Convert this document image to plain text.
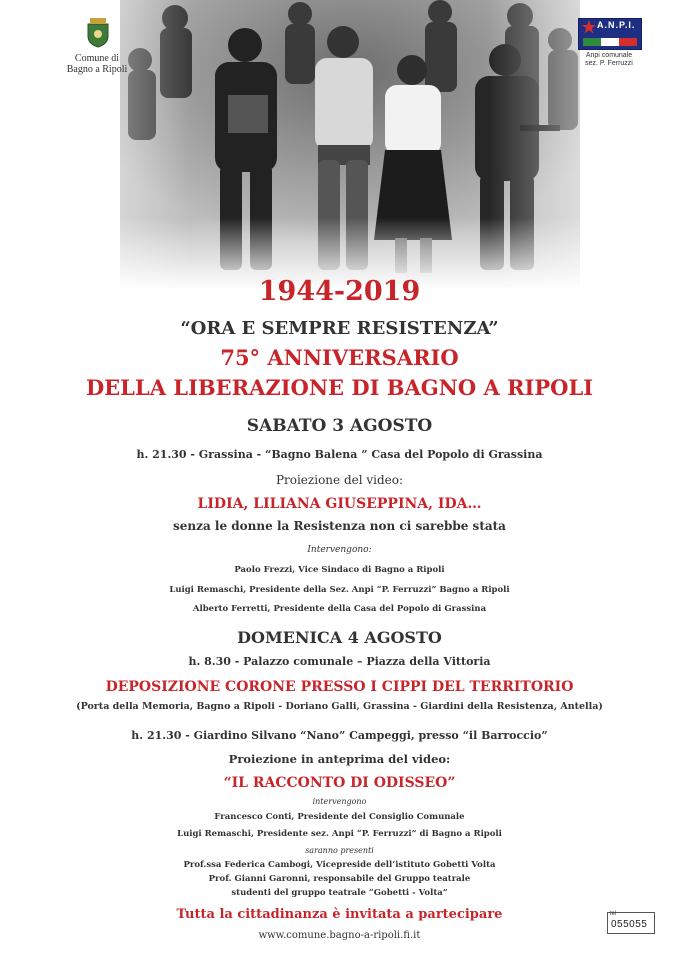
Comune di
Bagno a Ripoli
A.N.P.I.
Anpi comunale
sez. P. Ferruzzi
1944-2019
“ORA E SEMPRE RESISTENZA”
75° ANNIVERSARIO
DELLA LIBERAZIONE DI BAGNO A RIPOLI
SABATO 3 AGOSTO
h. 21.30 - Grassina - “Bagno Balena ” Casa del Popolo di Grassina
Proiezione del video:
LIDIA, LILIANA GIUSEPPINA, IDA…
senza le donne la Resistenza non ci sarebbe stata
Intervengono:
Paolo Frezzi, Vice Sindaco di Bagno a Ripoli
Luigi Remaschi, Presidente della Sez. Anpi “P. Ferruzzi” Bagno a Ripoli
Alberto Ferretti, Presidente della Casa del Popolo di Grassina
DOMENICA 4 AGOSTO
h. 8.30 - Palazzo comunale – Piazza della Vittoria
DEPOSIZIONE CORONE PRESSO I CIPPI DEL TERRITORIO
(Porta della Memoria, Bagno a Ripoli - Doriano Galli, Grassina - Giardini della Resistenza, Antella)
h. 21.30 - Giardino Silvano “Nano” Campeggi, presso “il Barroccio”
Proiezione in anteprima del video:
“IL RACCONTO DI ODISSEO”
intervengono
Francesco Conti, Presidente del Consiglio Comunale
Luigi Remaschi, Presidente sez. Anpi “P. Ferruzzi” di Bagno a Ripoli
saranno presenti
Prof.ssa Federica Cambogi, Vicepreside dell’istituto Gobetti Volta
Prof. Gianni Garonni, responsabile del Gruppo teatrale
studenti del gruppo teatrale “Gobetti - Volta”
Tutta la cittadinanza è invitata a partecipare
www.comune.bagno-a-ripoli.fi.it
tel
055055
